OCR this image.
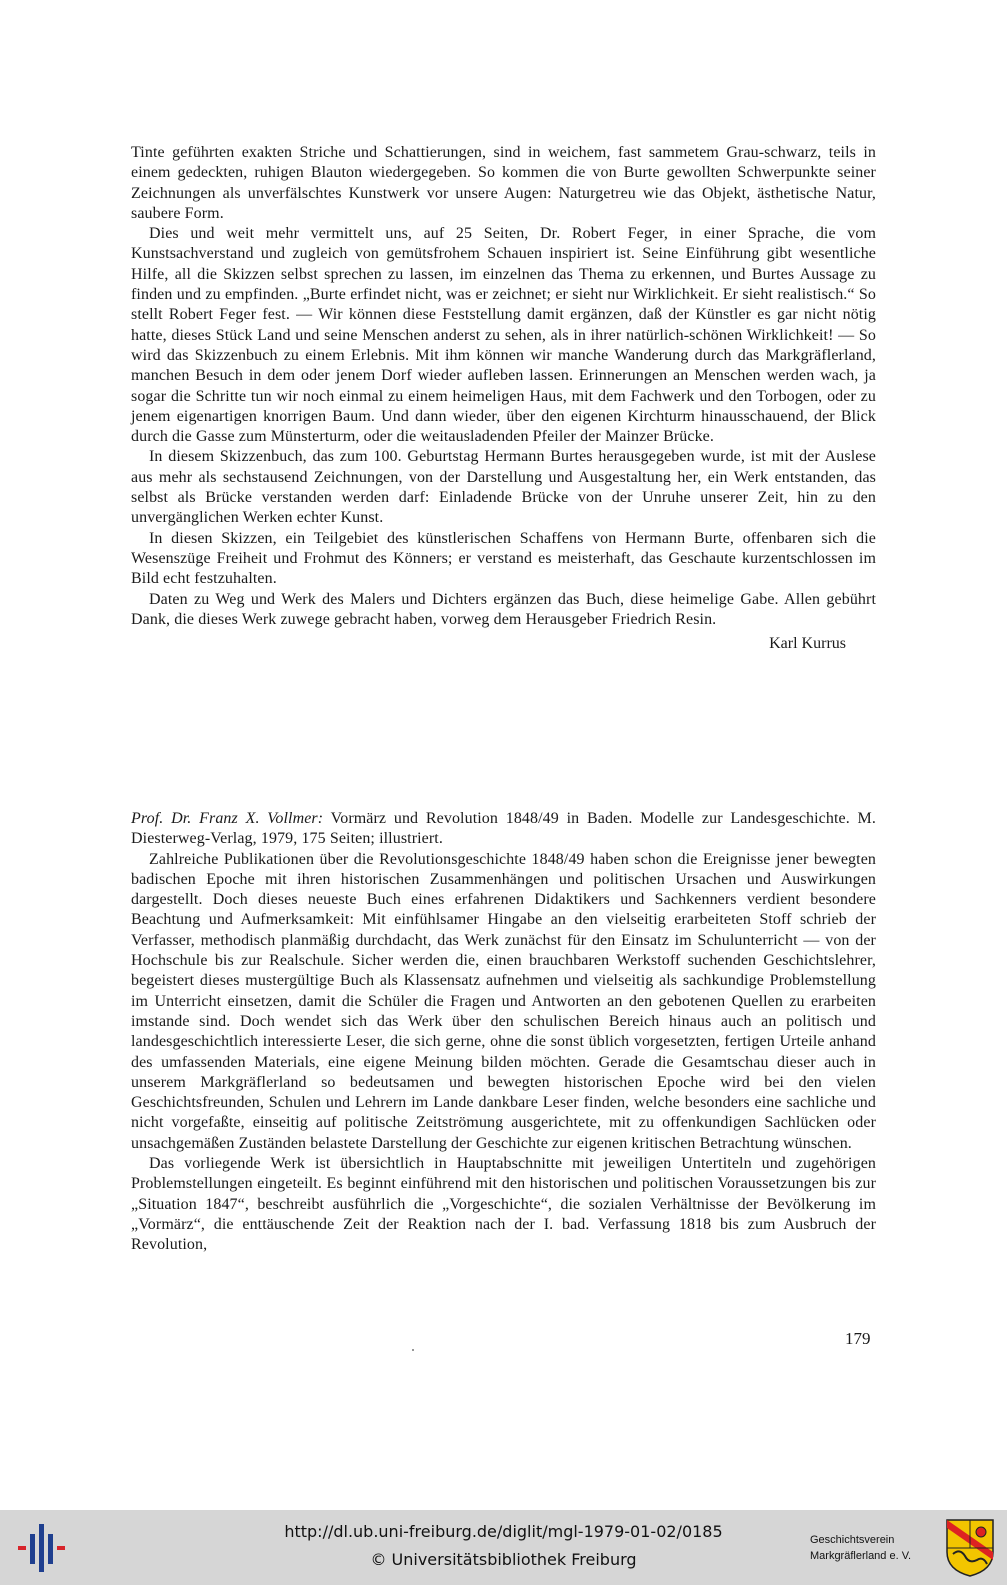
Tinte geführten exakten Striche und Schattierungen, sind in weichem, fast sammetem Grau-schwarz, teils in einem gedeckten, ruhigen Blauton wiedergegeben. So kommen die von Burte gewollten Schwerpunkte seiner Zeichnungen als unverfälschtes Kunstwerk vor unsere Augen: Naturgetreu wie das Objekt, ästhetische Natur, saubere Form.

Dies und weit mehr vermittelt uns, auf 25 Seiten, Dr. Robert Feger, in einer Sprache, die vom Kunstsachverstand und zugleich von gemütsfrohem Schauen inspiriert ist. Seine Einführung gibt wesentliche Hilfe, all die Skizzen selbst sprechen zu lassen, im einzelnen das Thema zu erkennen, und Burtes Aussage zu finden und zu empfinden. „Burte erfindet nicht, was er zeichnet; er sieht nur Wirklichkeit. Er sieht realistisch.“ So stellt Robert Feger fest. — Wir können diese Feststellung damit ergänzen, daß der Künstler es gar nicht nötig hatte, dieses Stück Land und seine Menschen anderst zu sehen, als in ihrer natürlich-schönen Wirklichkeit! — So wird das Skizzenbuch zu einem Erlebnis. Mit ihm können wir manche Wanderung durch das Markgräflerland, manchen Besuch in dem oder jenem Dorf wieder aufleben lassen. Erinnerungen an Menschen werden wach, ja sogar die Schritte tun wir noch einmal zu einem heimeligen Haus, mit dem Fachwerk und den Torbogen, oder zu jenem eigenartigen knorrigen Baum. Und dann wieder, über den eigenen Kirchturm hinausschauend, der Blick durch die Gasse zum Münsterturm, oder die weitausladenden Pfeiler der Mainzer Brücke.

In diesem Skizzenbuch, das zum 100. Geburtstag Hermann Burtes herausgegeben wurde, ist mit der Auslese aus mehr als sechstausend Zeichnungen, von der Darstellung und Ausgestaltung her, ein Werk entstanden, das selbst als Brücke verstanden werden darf: Einladende Brücke von der Unruhe unserer Zeit, hin zu den unvergänglichen Werken echter Kunst.

In diesen Skizzen, ein Teilgebiet des künstlerischen Schaffens von Hermann Burte, offenbaren sich die Wesenszüge Freiheit und Frohmut des Könners; er verstand es meisterhaft, das Geschaute kurzentschlossen im Bild echt festzuhalten.

Daten zu Weg und Werk des Malers und Dichters ergänzen das Buch, diese heimelige Gabe. Allen gebührt Dank, die dieses Werk zuwege gebracht haben, vorweg dem Herausgeber Friedrich Resin.

Karl Kurrus

Prof. Dr. Franz X. Vollmer: Vormärz und Revolution 1848/49 in Baden. Modelle zur Landesgeschichte. M. Diesterweg-Verlag, 1979, 175 Seiten; illustriert.

Zahlreiche Publikationen über die Revolutionsgeschichte 1848/49 haben schon die Ereignisse jener bewegten badischen Epoche mit ihren historischen Zusammenhängen und politischen Ursachen und Auswirkungen dargestellt. Doch dieses neueste Buch eines erfahrenen Didaktikers und Sachkenners verdient besondere Beachtung und Aufmerksamkeit: Mit einfühlsamer Hingabe an den vielseitig erarbeiteten Stoff schrieb der Verfasser, methodisch planmäßig durchdacht, das Werk zunächst für den Einsatz im Schulunterricht — von der Hochschule bis zur Realschule. Sicher werden die, einen brauchbaren Werkstoff suchenden Geschichtslehrer, begeistert dieses mustergültige Buch als Klassensatz aufnehmen und vielseitig als sachkundige Problemstellung im Unterricht einsetzen, damit die Schüler die Fragen und Antworten an den gebotenen Quellen zu erarbeiten imstande sind. Doch wendet sich das Werk über den schulischen Bereich hinaus auch an politisch und landesgeschichtlich interessierte Leser, die sich gerne, ohne die sonst üblich vorgesetzten, fertigen Urteile anhand des umfassenden Materials, eine eigene Meinung bilden möchten. Gerade die Gesamtschau dieser auch in unserem Markgräflerland so bedeutsamen und bewegten historischen Epoche wird bei den vielen Geschichtsfreunden, Schulen und Lehrern im Lande dankbare Leser finden, welche besonders eine sachliche und nicht vorgefaßte, einseitig auf politische Zeitströmung ausgerichtete, mit zu offenkundigen Sachlücken oder unsachgemäßen Zuständen belastete Darstellung der Geschichte zur eigenen kritischen Betrachtung wünschen.

Das vorliegende Werk ist übersichtlich in Hauptabschnitte mit jeweiligen Untertiteln und zugehörigen Problemstellungen eingeteilt. Es beginnt einführend mit den historischen und politischen Voraussetzungen bis zur „Situation 1847“, beschreibt ausführlich die „Vorgeschichte“, die sozialen Verhältnisse der Bevölkerung im „Vormärz“, die enttäuschende Zeit der Reaktion nach der I. bad. Verfassung 1818 bis zum Ausbruch der Revolution,

179
http://dl.ub.uni-freiburg.de/diglit/mgl-1979-01-02/0185
© Universitätsbibliothek Freiburg
Geschichtsverein
Markgräflerland e. V.
